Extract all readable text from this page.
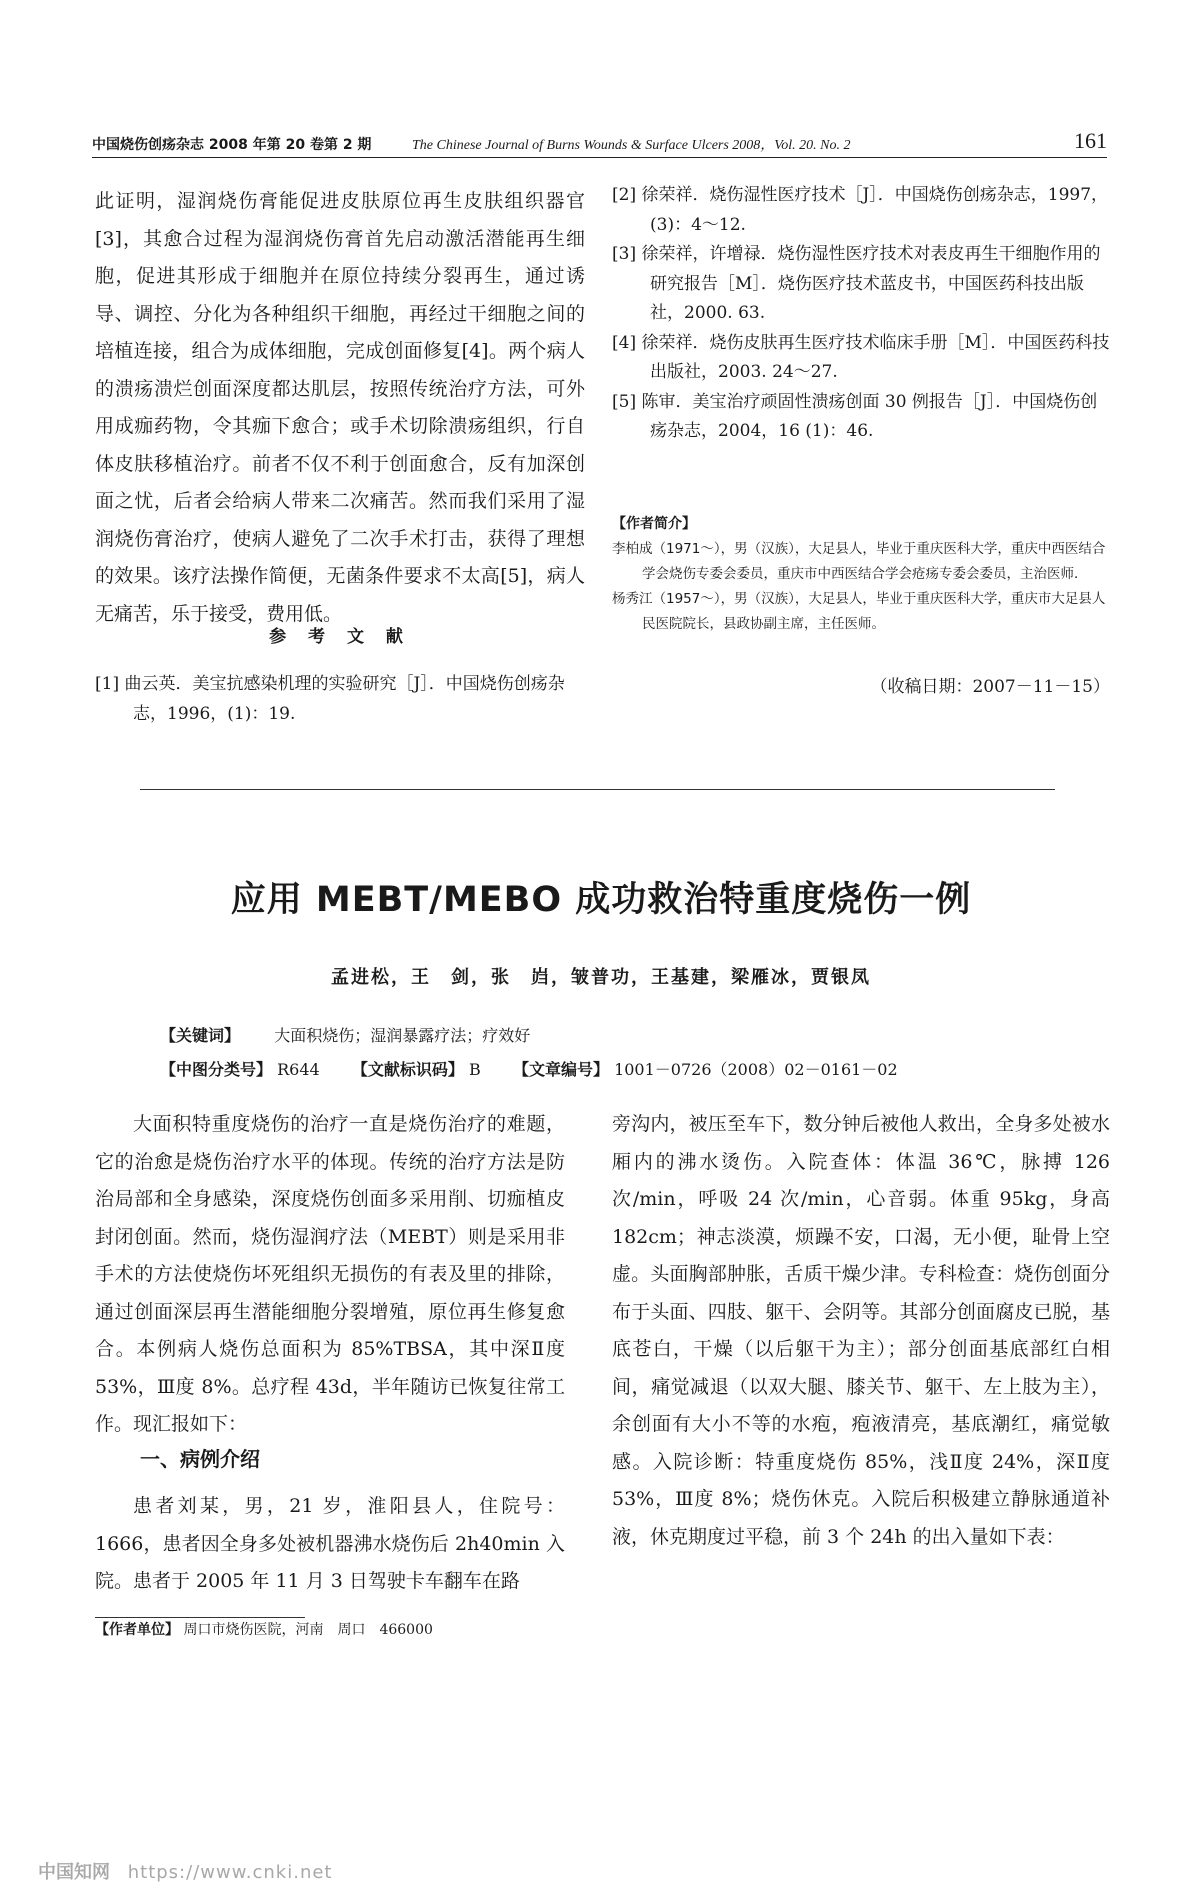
中国烧伤创疡杂志 2008 年第 20 卷第 2 期	The Chinese Journal of Burns Wounds & Surface Ulcers 2008，Vol. 20. No. 2	161

此证明，湿润烧伤膏能促进皮肤原位再生皮肤组织器官[3]，其愈合过程为湿润烧伤膏首先启动激活潜能再生细胞，促进其形成于细胞并在原位持续分裂再生，通过诱导、调控、分化为各种组织干细胞，再经过干细胞之间的培植连接，组合为成体细胞，完成创面修复[4]。两个病人的溃疡溃烂创面深度都达肌层，按照传统治疗方法，可外用成痂药物，令其痂下愈合；或手术切除溃疡组织，行自体皮肤移植治疗。前者不仅不利于创面愈合，反有加深创面之忧，后者会给病人带来二次痛苦。然而我们采用了湿润烧伤膏治疗，使病人避免了二次手术打击，获得了理想的效果。该疗法操作简便，无菌条件要求不太高[5]，病人无痛苦，乐于接受，费用低。

参 考 文 献

[1] 曲云英．美宝抗感染机理的实验研究［J］．中国烧伤创疡杂志，1996，(1)：19.

[2] 徐荣祥．烧伤湿性医疗技术［J］．中国烧伤创疡杂志，1997，(3)：4～12.

[3] 徐荣祥，许增禄．烧伤湿性医疗技术对表皮再生干细胞作用的研究报告［M］．烧伤医疗技术蓝皮书，中国医药科技出版社，2000. 63.

[4] 徐荣祥．烧伤皮肤再生医疗技术临床手册［M］．中国医药科技出版社，2003. 24～27.

[5] 陈审．美宝治疗顽固性溃疡创面 30 例报告［J］．中国烧伤创疡杂志，2004，16 (1)：46.

【作者简介】

李柏成（1971～），男（汉族），大足县人，毕业于重庆医科大学，重庆中西医结合学会烧伤专委会委员，重庆市中西医结合学会疮疡专委会委员，主治医师．

杨秀江（1957～），男（汉族），大足县人，毕业于重庆医科大学，重庆市大足县人民医院院长，县政协副主席，主任医师。

（收稿日期：2007－11－15）
应用 MEBT/MEBO 成功救治特重度烧伤一例
孟进松，王　剑，张　岿，皱普功，王基建，梁雁冰，贾银凤
【关键词】 大面积烧伤；湿润暴露疗法；疗效好
【中图分类号】 R644 【文献标识码】 B 【文章编号】 1001－0726（2008）02－0161－02

大面积特重度烧伤的治疗一直是烧伤治疗的难题，它的治愈是烧伤治疗水平的体现。传统的治疗方法是防治局部和全身感染，深度烧伤创面多采用削、切痂植皮封闭创面。然而，烧伤湿润疗法（MEBT）则是采用非手术的方法使烧伤坏死组织无损伤的有表及里的排除，通过创面深层再生潜能细胞分裂增殖，原位再生修复愈合。本例病人烧伤总面积为 85%TBSA，其中深Ⅱ度 53%，Ⅲ度 8%。总疗程 43d，半年随访已恢复往常工作。现汇报如下：

一、病例介绍

患者刘某，男，21 岁，淮阳县人，住院号：1666，患者因全身多处被机器沸水烧伤后 2h40min 入院。患者于 2005 年 11 月 3 日驾驶卡车翻车在路

旁沟内，被压至车下，数分钟后被他人救出，全身多处被水厢内的沸水烫伤。入院查体：体温 36℃，脉搏 126 次/min，呼吸 24 次/min，心音弱。体重 95kg，身高 182cm；神志淡漠，烦躁不安，口渴，无小便，耻骨上空虚。头面胸部肿胀，舌质干燥少津。专科检查：烧伤创面分布于头面、四肢、躯干、会阴等。其部分创面腐皮已脱，基底苍白，干燥（以后躯干为主）；部分创面基底部红白相间，痛觉减退（以双大腿、膝关节、躯干、左上肢为主），余创面有大小不等的水疱，疱液清亮，基底潮红，痛觉敏感。入院诊断：特重度烧伤 85%，浅Ⅱ度 24%，深Ⅱ度 53%，Ⅲ度 8%；烧伤休克。入院后积极建立静脉通道补液，休克期度过平稳，前 3 个 24h 的出入量如下表：

【作者单位】 周口市烧伤医院，河南　周口　466000
中国知网 https://www.cnki.net
